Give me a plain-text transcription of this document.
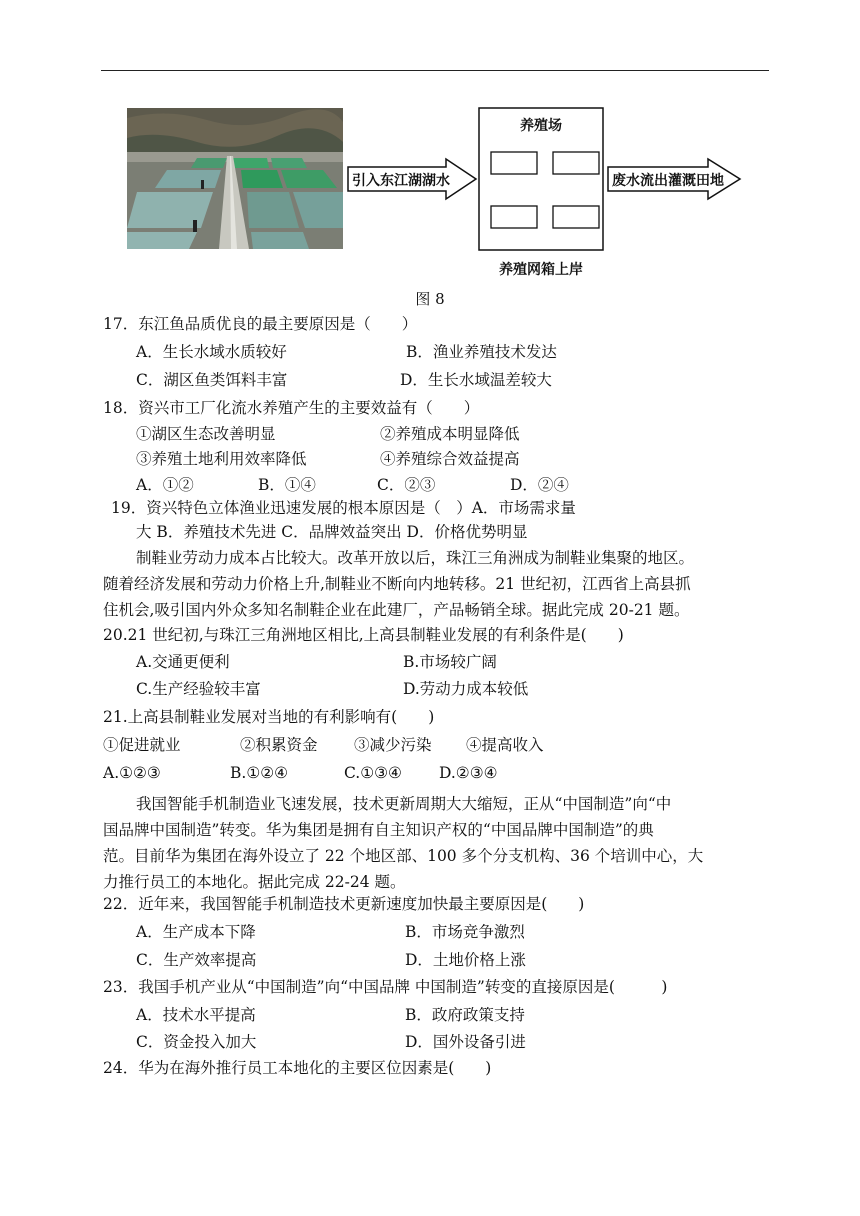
引入东江湖湖水
养殖场
废水流出灌溉田地
养殖网箱上岸
图 8
17．东江鱼品质优良的最主要原因是（　　）
A．生长水域水质较好	B．渔业养殖技术发达
C．湖区鱼类饵料丰富	D．生长水域温差较大
18．资兴市工厂化流水养殖产生的主要效益有（　　）
①湖区生态改善明显	②养殖成本明显降低
③养殖土地利用效率降低	④养殖综合效益提高
A．①②	B．①④	C．②③	D．②④
19．资兴特色立体渔业迅速发展的根本原因是（　）A．市场需求量
大 B．养殖技术先进 C．品牌效益突出 D．价格优势明显
制鞋业劳动力成本占比较大。改革开放以后，珠江三角洲成为制鞋业集聚的地区。
随着经济发展和劳动力价格上升,制鞋业不断向内地转移。21 世纪初，江西省上高县抓
住机会,吸引国内外众多知名制鞋企业在此建厂，产品畅销全球。据此完成 20-21 题。
20.21 世纪初,与珠江三角洲地区相比,上高县制鞋业发展的有利条件是(　　)
A.交通更便利	B.市场较广阔
C.生产经验较丰富	D.劳动力成本较低
21.上高县制鞋业发展对当地的有利影响有(　　)
①促进就业	②积累资金 ③减少污染 ④提高收入
A.①②③	B.①②④	C.①③④ D.②③④
我国智能手机制造业飞速发展，技术更新周期大大缩短，正从“中国制造”向“中
国品牌中国制造”转变。华为集团是拥有自主知识产权的“中国品牌中国制造”的典
范。目前华为集团在海外设立了 22 个地区部、100 多个分支机构、36 个培训中心，大
力推行员工的本地化。据此完成 22-24 题。
22．近年来，我国智能手机制造技术更新速度加快最主要原因是(　　)
A．生产成本下降	B．市场竞争激烈
C．生产效率提高	D．土地价格上涨
23．我国手机产业从“中国制造”向“中国品牌 中国制造”转变的直接原因是(　　　)
A．技术水平提高	B．政府政策支持
C．资金投入加大	D．国外设备引进
24．华为在海外推行员工本地化的主要区位因素是(　　)
